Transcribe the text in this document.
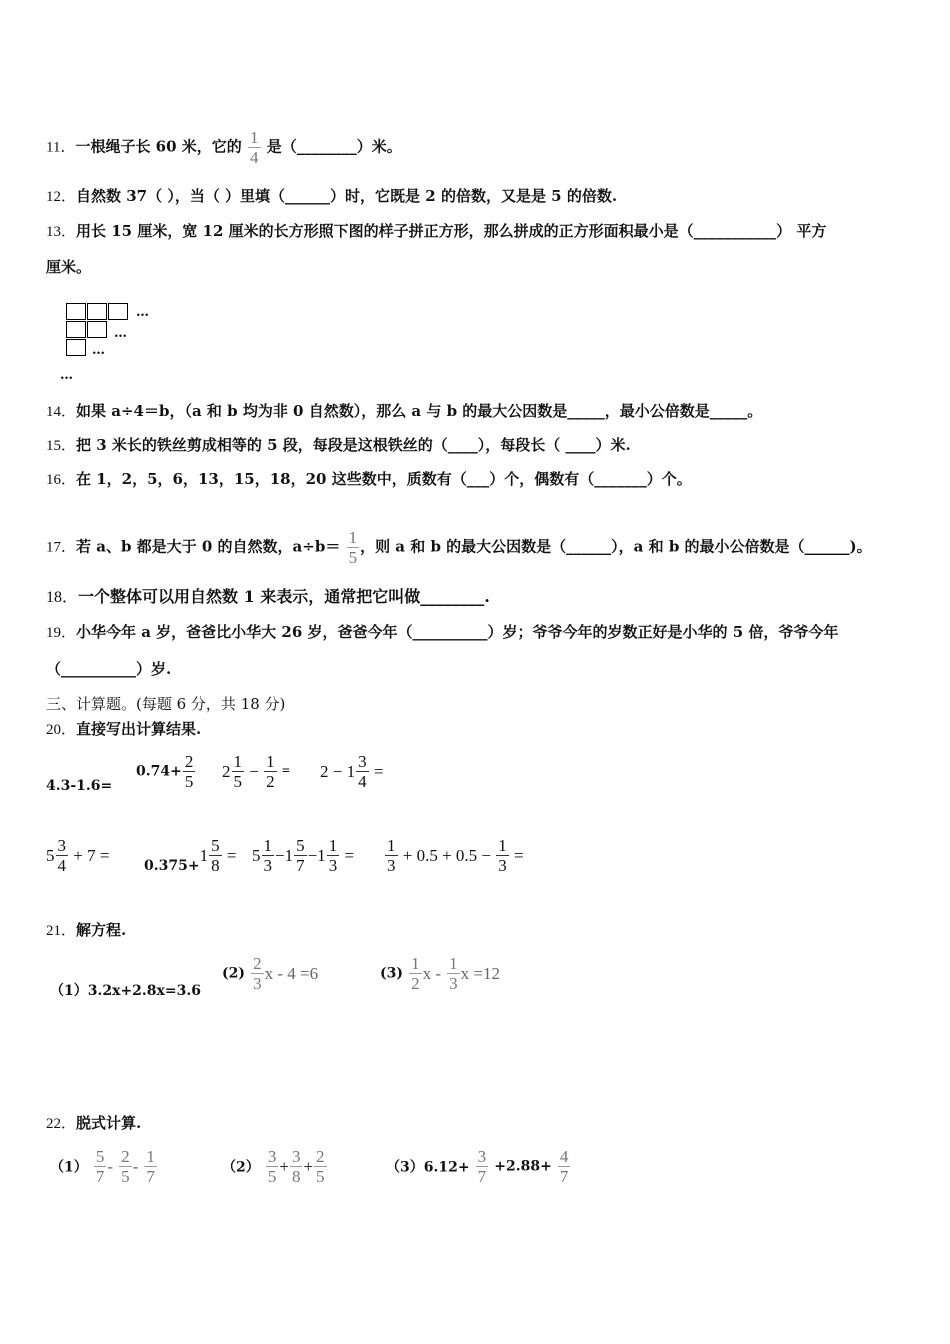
11．一根绳子长 60 米，它的 $\frac{1}{4}$ 是（________）米。
12．自然数 37（ ），当（ ）里填（______）时，它既是 2 的倍数，又是是 5 的倍数.
13．用长 15 厘米，宽 12 厘米的长方形照下图的样子拼正方形，那么拼成的正方形面积最小是（___________） 平方
厘米。
…
…
…
…
14．如果 a÷4＝b，（a 和 b 均为非 0 自然数），那么 a 与 b 的最大公因数是_____，最小公倍数是_____。
15．把 3 米长的铁丝剪成相等的 5 段，每段是这根铁丝的（____），每段长（ ____）米.
16．在 1，2，5，6，13，15，18，20 这些数中，质数有（___）个，偶数有（_______）个。
17．若 a、b 都是大于 0 的自然数，$a\div b= \frac{1}{5}$ ，则 a 和 b 的最大公因数是（______），a 和 b 的最小公倍数是（______)。
18．一个整体可以用自然数 1 来表示，通常把它叫做________.
19．小华今年 a 岁，爸爸比小华大 26 岁，爸爸今年（__________）岁；爷爷今年的岁数正好是小华的 5 倍，爷爷今年
（__________）岁.
三、计算题。(每题 6 分，共 18 分)
20．直接写出计算结果.
4.3-1.6=
$0.74+ \frac{2}{5} 2 \frac{1}{5} - \frac{1}{2} = 2 - 1 \frac{3}{4}$ =
$5 \frac{3}{4} + 7$ =
$0.375+1 \frac{5}{8} = 5 \frac{1}{3} -1 \frac{5}{7} -1 \frac{1}{3} = \frac{1}{3} + 0.5 + 0.5 - \frac{1}{3}$ =
21．解方程.
（1）3.2x+2.8x=3.6
$(2) \frac{2}{3}$ x - 4 =6	$(3) \frac{1}{2}$ x - $\frac{1}{3}$ x =12
22．脱式计算.
$(1) \frac{5}{7} - \frac{2}{5} - \frac{1}{7}$	$(2) \frac{3}{5} + \frac{3}{8} + \frac{2}{5}$	$(3)6.12+ \frac{3}{7} +2.88+ \frac{4}{7}$
